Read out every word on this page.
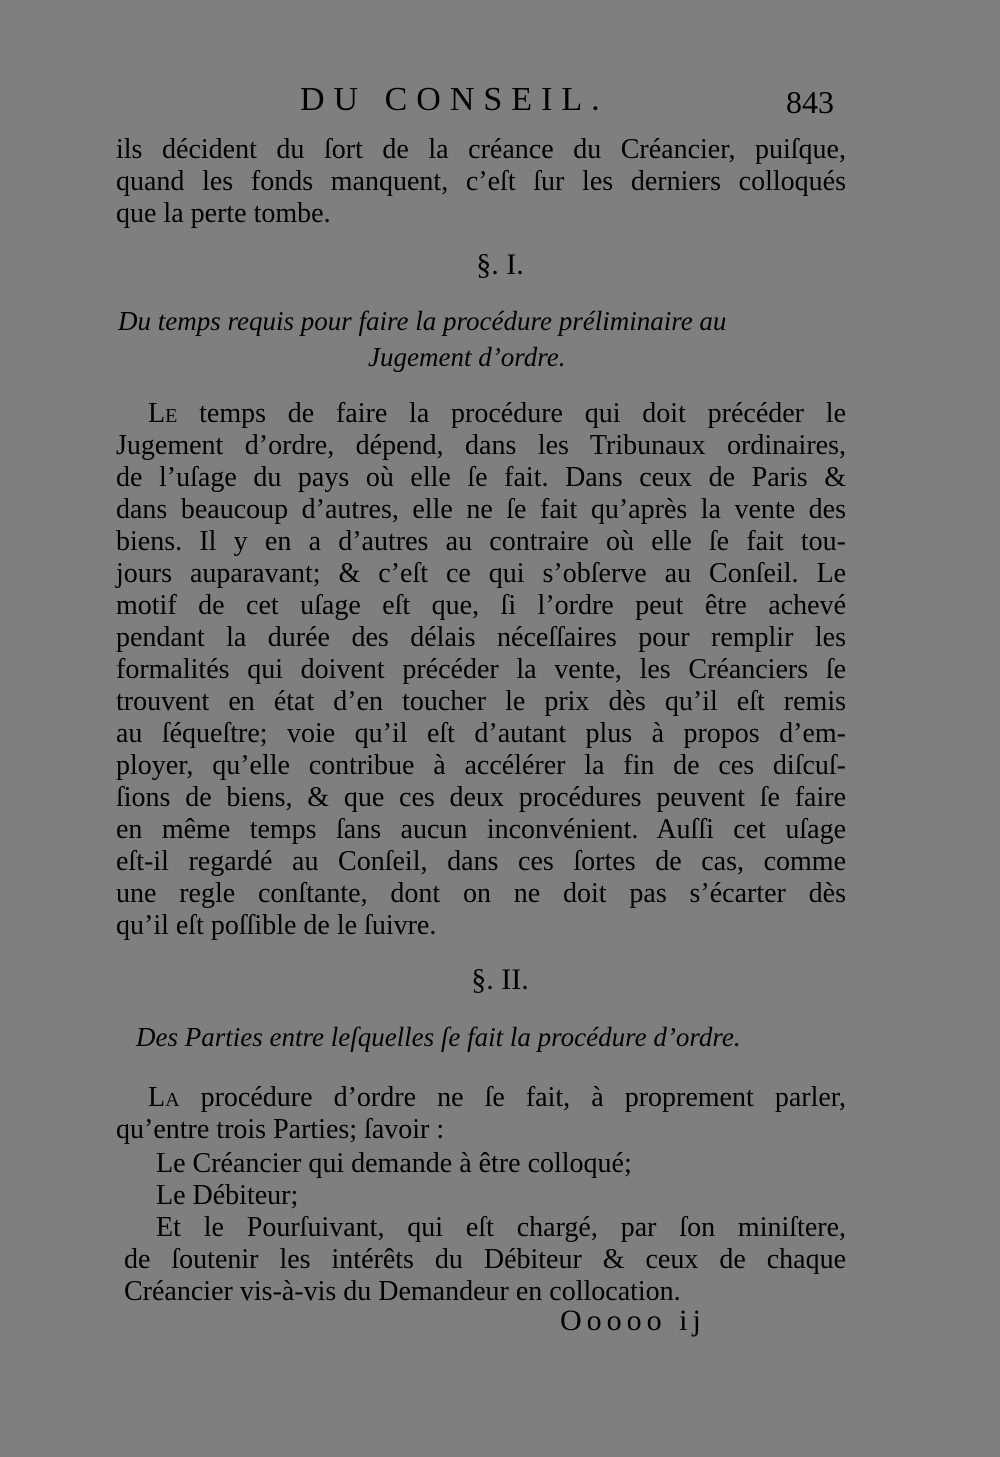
DU CONSEIL.	843
ils décident du ſort de la créance du Créancier, puiſque,
quand les fonds manquent, c’eſt ſur les derniers colloqués
que la perte tombe.
§. I.
Du temps requis pour faire la procédure préliminaire au
Jugement d’ordre.
Le temps de faire la procédure qui doit précéder le
Jugement d’ordre, dépend, dans les Tribunaux ordinaires,
de l’uſage du pays où elle ſe fait. Dans ceux de Paris &
dans beaucoup d’autres, elle ne ſe fait qu’après la vente des
biens. Il y en a d’autres au contraire où elle ſe fait tou-
jours auparavant; & c’eſt ce qui s’obſerve au Conſeil. Le
motif de cet uſage eſt que, ſi l’ordre peut être achevé
pendant la durée des délais néceſſaires pour remplir les
formalités qui doivent précéder la vente, les Créanciers ſe
trouvent en état d’en toucher le prix dès qu’il eſt remis
au ſéqueſtre; voie qu’il eſt d’autant plus à propos d’em-
ployer, qu’elle contribue à accélérer la fin de ces diſcuſ-
ſions de biens, & que ces deux procédures peuvent ſe faire
en même temps ſans aucun inconvénient. Auſſi cet uſage
eſt-il regardé au Conſeil, dans ces ſortes de cas, comme
une regle conſtante, dont on ne doit pas s’écarter dès
qu’il eſt poſſible de le ſuivre.
§. II.
Des Parties entre leſquelles ſe fait la procédure d’ordre.
La procédure d’ordre ne ſe fait, à proprement parler,
qu’entre trois Parties; ſavoir :
Le Créancier qui demande à être colloqué;
Le Débiteur;
Et le Pourſuivant, qui eſt chargé, par ſon miniſtere,
de ſoutenir les intérêts du Débiteur & ceux de chaque
Créancier vis-à-vis du Demandeur en collocation.
Ooooo ij
